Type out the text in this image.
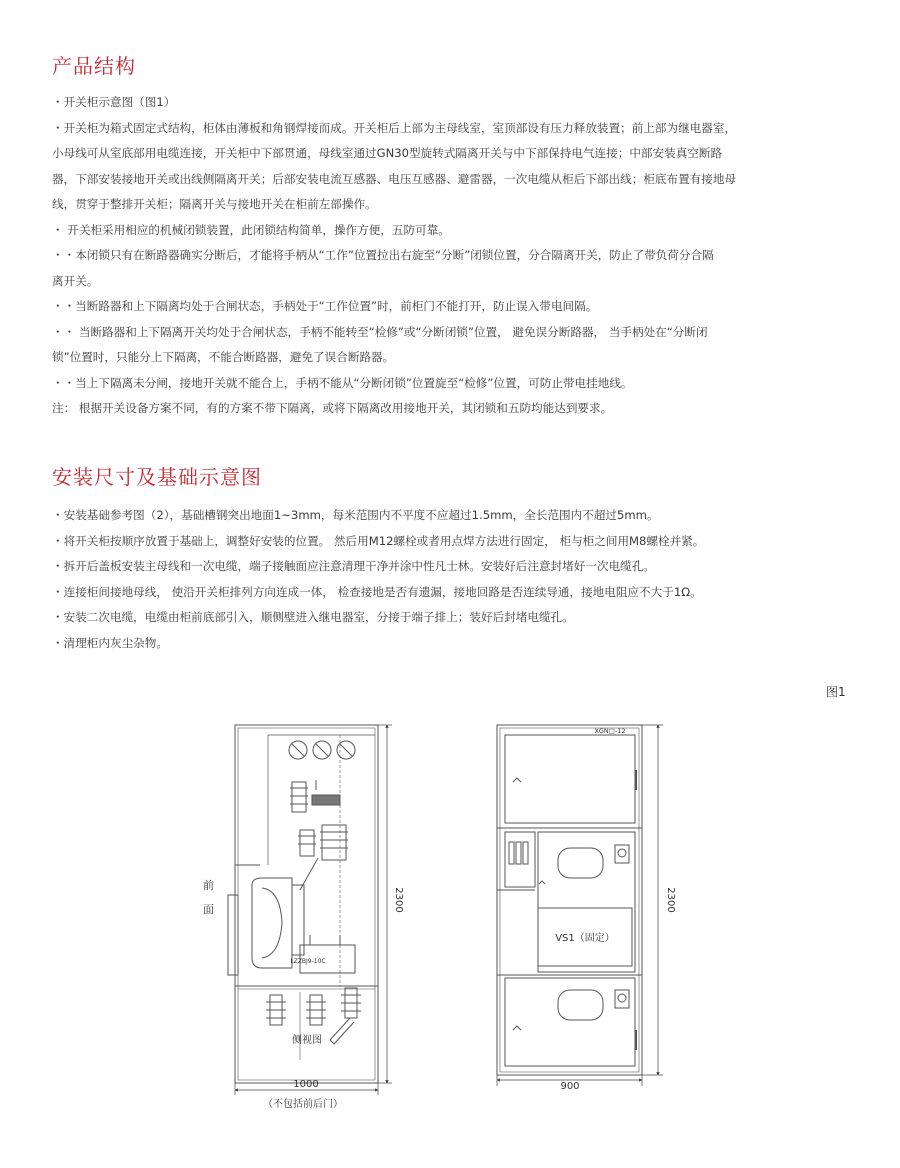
产品结构
・开关柜示意图（图1）
・开关柜为箱式固定式结构，柜体由薄板和角钢焊接而成。开关柜后上部为主母线室，室顶部设有压力释放装置；前上部为继电器室，
小母线可从室底部用电缆连接，开关柜中下部贯通，母线室通过GN30型旋转式隔离开关与中下部保持电气连接；中部安装真空断路
器，下部安装接地开关或出线侧隔离开关；后部安装电流互感器、电压互感器、避雷器，一次电缆从柜后下部出线；柜底布置有接地母
线，贯穿于整排开关柜；隔离开关与接地开关在柜前左部操作。
・ 开关柜采用相应的机械闭锁装置，此闭锁结构简单，操作方便，五防可靠。
・・本闭锁只有在断路器确实分断后，才能将手柄从“工作”位置拉出右旋至“分断”闭锁位置，分合隔离开关，防止了带负荷分合隔
离开关。
・・当断路器和上下隔离均处于合闸状态，手柄处于“工作位置”时，前柜门不能打开，防止误入带电间隔。
・・ 当断路器和上下隔离开关均处于合闸状态，手柄不能转至“检修”或“分断闭锁”位置， 避免误分断路器， 当手柄处在“分断闭
锁”位置时，只能分上下隔离，不能合断路器，避免了误合断路器。
・・当上下隔离未分闸，接地开关就不能合上，手柄不能从“分断闭锁”位置旋至“检修”位置，可防止带电挂地线。
注： 根据开关设备方案不同，有的方案不带下隔离，或将下隔离改用接地开关，其闭锁和五防均能达到要求。
安装尺寸及基础示意图
・安装基础参考图（2），基础槽钢突出地面1~3mm，每米范围内不平度不应超过1.5mm，全长范围内不超过5mm。
・将开关柜按顺序放置于基础上，调整好安装的位置。 然后用M12螺栓或者用点焊方法进行固定， 柜与柜之间用M8螺栓并紧。
・拆开后盖板安装主母线和一次电缆，端子接触面应注意清理干净并涂中性凡士林。安装好后注意封堵好一次电缆孔。
・连接柜间接地母线， 使沿开关柜排列方向连成一体， 检查接地是否有遗漏，接地回路是否连续导通，接地电阻应不大于1Ω。
・安装二次电缆，电缆由柜前底部引入，顺侧壁进入继电器室，分接于端子排上；装好后封堵电缆孔。
・清理柜内灰尘杂物。
图1
前
面
LZZBJ9-10C
侧视图
2300
1000
（不包括前后门）
XGN□-12
VS1（固定）
2300
900
